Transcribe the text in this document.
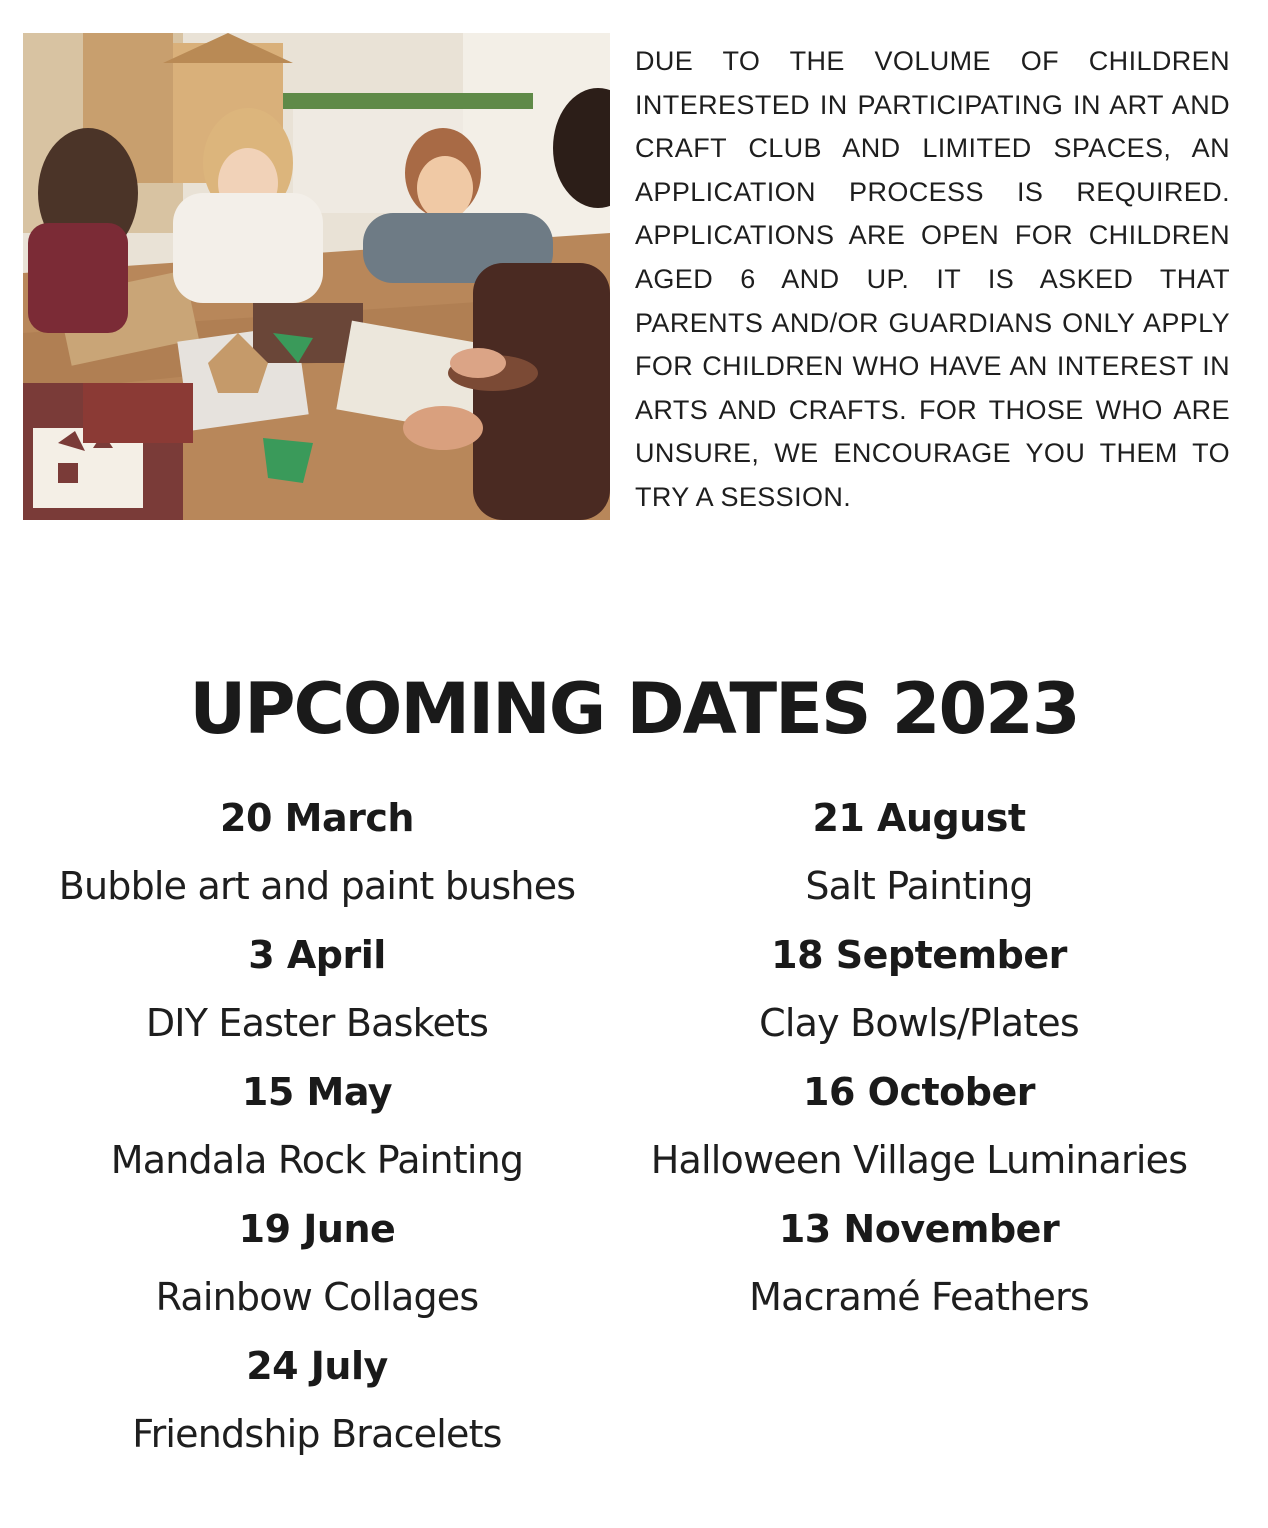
DUE TO THE VOLUME OF CHILDREN INTERESTED IN PARTICIPATING IN ART AND CRAFT CLUB AND LIMITED SPACES, AN APPLICATION PROCESS IS REQUIRED. APPLICATIONS ARE OPEN FOR CHILDREN AGED 6 AND UP. IT IS ASKED THAT PARENTS AND/OR GUARDIANS ONLY APPLY FOR CHILDREN WHO HAVE AN INTEREST IN ARTS AND CRAFTS. FOR THOSE WHO ARE UNSURE, WE ENCOURAGE YOU THEM TO TRY A SESSION.

UPCOMING DATES 2023
20 March
Bubble art and paint bushes
3 April
DIY Easter Baskets
15 May
Mandala Rock Painting
19 June
Rainbow Collages
24 July
Friendship Bracelets
21 August
Salt Painting
18 September
Clay Bowls/Plates
16 October
Halloween Village Luminaries
13 November
Macramé Feathers
